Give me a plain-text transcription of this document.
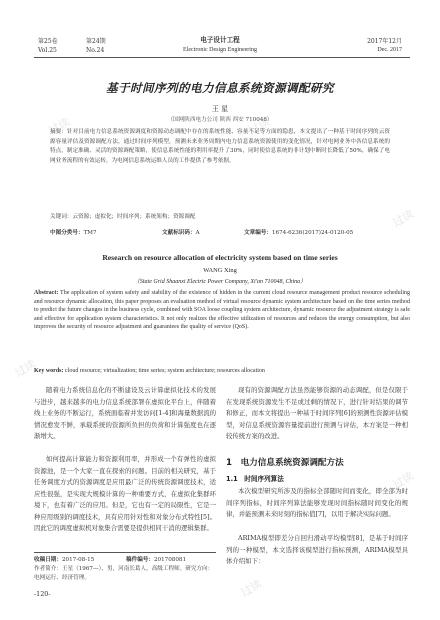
过读	过读
过读
过读
过读
过读
第25卷	第24期	电子设计工程	2017年12月
Vol.25	No.24	Electronic Design Engineering	Dec. 2017
基于时间序列的电力信息系统资源调配研究
王 星
（国网陕西电力公司 陕西 西安 710048）
摘要：针对目前电力信息系统资源调度和资源动态调配中存在的系统性能、容量不足等方面的隐患，本文提出了一种基于时间序列的云资源容量评估及资源调配方法，通过时间序列模型，预测未来业务周期内电力信息系统资源使用的变化情况，针对电网业务中各信息系统的特点，制定准确、灵活的资源调配策略，使信息系统性能的利用率提升了30%，同时使信息系统的非计划中断时长降低了50%，确保了电网业务流程的有效运转，为电网信息系统运维人员的工作提供了参考依据。
关键词：云资源；虚拟化；时间序列；系统架构；资源调配
中图分类号：TM7	文献标识码：A	文章编号：1674-6236(2017)24-0120-05
Research on resource allocation of electricity system based on time series
WANG Xing
（State Grid Shaanxi Electric Power Company, Xi'an 710048, China）
Abstract: The application of system safety and stability of the existence of hidden in the current cloud resource management product resource scheduling and resource dynamic allocation, this paper proposes an evaluation method of virtual resource dynamic system architecture based on the time series method to predict the future changes in the business cycle, combined with SOA loose coupling system architecture, dynamic resource the adjustment strategy is safe and effective for application system characteristics. It not only realizes the effective utilization of resources and reduces the energy consumption, but also improves the security of resource adjustment and guarantees the quality of service (QoS).
Key words: cloud resource; virtualization; time series; system architecture; resources allocation
随着电力系统信息化的不断建设及云计算虚拟化技术的发展与进步，越来越多的电力信息系统部署在虚拟化平台上，伴随着线上业务的不断运行，系统面临着并发访问[1-4]和海量数据流的情况愈发不鲜，承载系统的资源所负担的负荷和计算强度也在逐渐增大。
如何提高计算能力和资源利用率，并形成一个有弹性的虚拟资源池，是一个大家一直在探索的问题。目前的相关研究，基于任务调度方式的资源调度是应用最广泛的传统资源调度技术，适应性很强，是实现大规模计算的一种重要方式，在虚拟化集群环境下，也有着广泛的应用。但是，它也有一定的局限性，它是一种应用级别的调度技术，具有应用针对性和对象分布式特性[5]。因此它的调度虚拟机对象集合需要是提供相同干消的逻辑集群。
现有的资源调配方法虽然能够资源的动态调配，但是仅限于在发现系统资源发生不足或过剩的情况下，进行针对结果的调节和修正，而本文将提出一种基于时间序列[6]的预测性资源评估模型，对信息系统资源容量提前进行预测与评估，本方案是一种相较传统方案的改进。
1　电力信息系统资源调配方法
1.1　时间序列算法
本次模型研究所涉及的指标全部随时间而变化，即全部为时间序列指标，时间序列算法能够发现时间指标随时间变化的规律，并能预测未来时刻的指标值[7]，以用于解决实际问题。
ARIMA模型即差分自回归滑动平均模型[8]，是基于时间序列的一种模型，本文选择该模型进行指标预测，ARIMA模型具体介绍如下：
收稿日期：2017-08-15	稿件编号：201708081
作者简介：王星（1967—），男，河南长葛人，高级工程师。研究方向：电网运行、经济管理。
-120-
